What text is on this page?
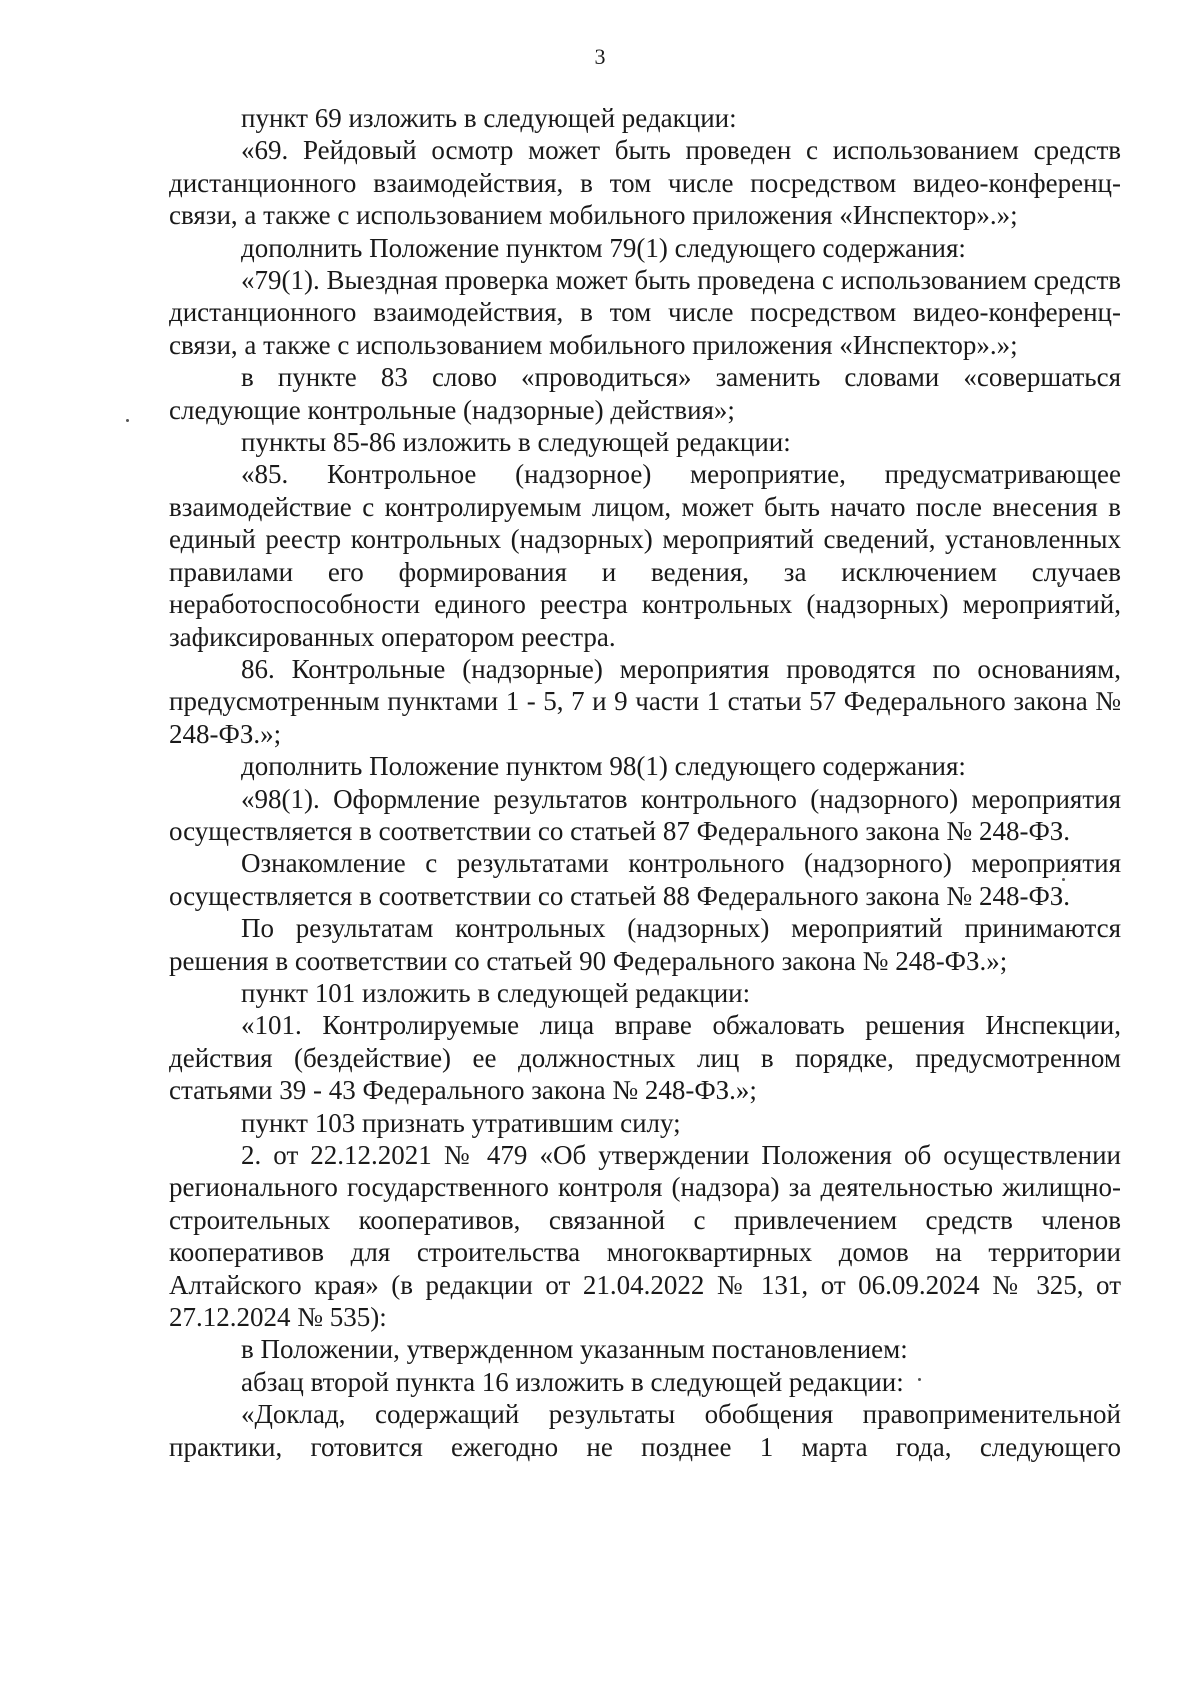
3

пункт 69 изложить в следующей редакции:

«69. Рейдовый осмотр может быть проведен с использованием средств дистанционного взаимодействия, в том числе посредством видео-конференц-связи, а также с использованием мобильного приложения «Инспектор».»;

дополнить Положение пунктом 79(1) следующего содержания:

«79(1). Выездная проверка может быть проведена с использованием средств дистанционного взаимодействия, в том числе посредством видео-конференц-связи, а также с использованием мобильного приложения «Инспектор».»;

в пункте 83 слово «проводиться» заменить словами «совершаться следующие контрольные (надзорные) действия»;

пункты 85-86 изложить в следующей редакции:

«85. Контрольное (надзорное) мероприятие, предусматривающее взаимодействие с контролируемым лицом, может быть начато после внесения в единый реестр контрольных (надзорных) мероприятий сведений, установленных правилами его формирования и ведения, за исключением случаев неработоспособности единого реестра контрольных (надзорных) мероприятий, зафиксированных оператором реестра.

86. Контрольные (надзорные) мероприятия проводятся по основаниям, предусмотренным пунктами 1 - 5, 7 и 9 части 1 статьи 57 Федерального закона № 248-ФЗ.»;

дополнить Положение пунктом 98(1) следующего содержания:

«98(1). Оформление результатов контрольного (надзорного) мероприятия осуществляется в соответствии со статьей 87 Федерального закона № 248-ФЗ.

Ознакомление с результатами контрольного (надзорного) мероприятия осуществляется в соответствии со статьей 88 Федерального закона № 248-ФЗ.

По результатам контрольных (надзорных) мероприятий принимаются решения в соответствии со статьей 90 Федерального закона № 248-ФЗ.»;

пункт 101 изложить в следующей редакции:

«101. Контролируемые лица вправе обжаловать решения Инспекции, действия (бездействие) ее должностных лиц в порядке, предусмотренном статьями 39 - 43 Федерального закона № 248-ФЗ.»;

пункт 103 признать утратившим силу;

2. от 22.12.2021 № 479 «Об утверждении Положения об осуществлении регионального государственного контроля (надзора) за деятельностью жилищно-строительных кооперативов, связанной с привлечением средств членов кооперативов для строительства многоквартирных домов на территории Алтайского края» (в редакции от 21.04.2022 № 131, от 06.09.2024 № 325, от 27.12.2024 № 535):

в Положении, утвержденном указанным постановлением:

абзац второй пункта 16 изложить в следующей редакции:

«Доклад, содержащий результаты обобщения правоприменительной практики, готовится ежегодно не позднее 1 марта года, следующего
